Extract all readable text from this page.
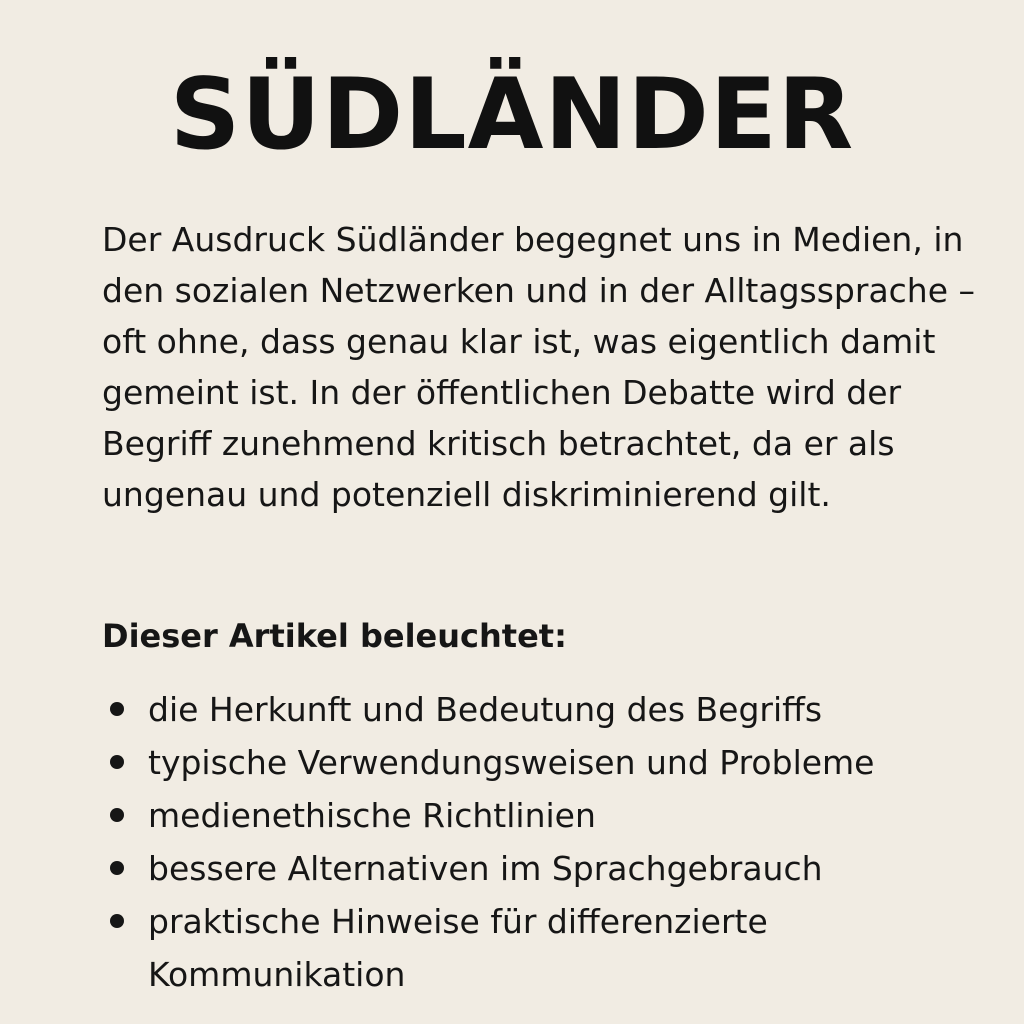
SÜDLÄNDER

Der Ausdruck Südländer begegnet uns in Medien, in den sozialen Netzwerken und in der Alltagssprache – oft ohne, dass genau klar ist, was eigentlich damit gemeint ist. In der öffentlichen Debatte wird der Begriff zunehmend kritisch betrachtet, da er als ungenau und potenziell diskriminierend gilt.

Dieser Artikel beleuchtet:
die Herkunft und Bedeutung des Begriffs
typische Verwendungsweisen und Probleme
medienethische Richtlinien
bessere Alternativen im Sprachgebrauch
praktische Hinweise für differenzierte Kommunikation
